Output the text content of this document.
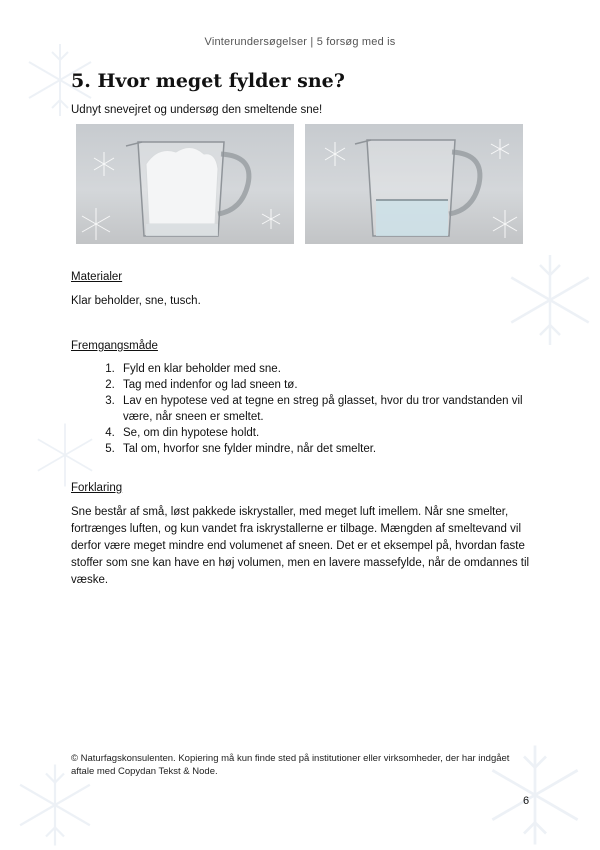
Vinterundersøgelser | 5 forsøg med is
5. Hvor meget fylder sne?
Udnyt snevejret og undersøg den smeltende sne!
Materialer
Klar beholder, sne, tusch.
Fremgangsmåde
1. Fyld en klar beholder med sne.
2. Tag med indenfor og lad sneen tø.
3. Lav en hypotese ved at tegne en streg på glasset, hvor du tror vandstanden vil være, når sneen er smeltet.
4. Se, om din hypotese holdt.
5. Tal om, hvorfor sne fylder mindre, når det smelter.
Forklaring
Sne består af små, løst pakkede iskrystaller, med meget luft imellem. Når sne smelter, fortrænges luften, og kun vandet fra iskrystallerne er tilbage. Mængden af smeltevand vil derfor være meget mindre end volumenet af sneen. Det er et eksempel på, hvordan faste stoffer som sne kan have en høj volumen, men en lavere massefylde, når de omdannes til væske.
© Naturfagskonsulenten. Kopiering må kun finde sted på institutioner eller virksomheder, der har indgået aftale med Copydan Tekst & Node.
6
